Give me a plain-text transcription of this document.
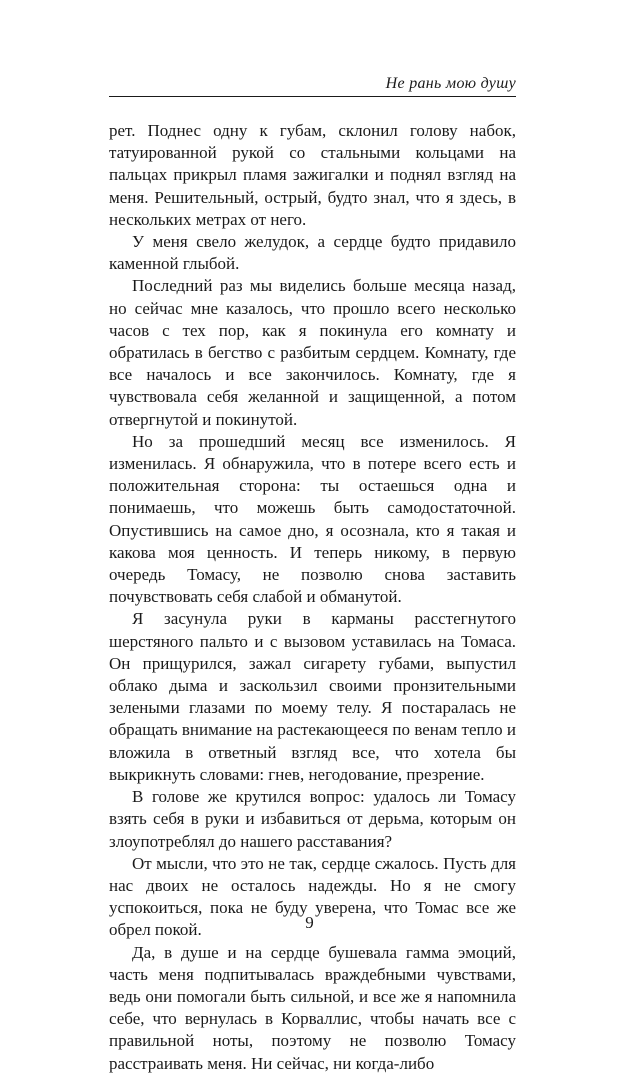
Не рань мою душу

рет. Поднес одну к губам, склонил голову набок, татуированной рукой со стальными кольцами на пальцах прикрыл пламя зажигалки и поднял взгляд на меня. Решительный, острый, будто знал, что я здесь, в нескольких метрах от него.

У меня свело желудок, а сердце будто придавило каменной глыбой.

Последний раз мы виделись больше месяца назад, но сейчас мне казалось, что прошло всего несколько часов с тех пор, как я покинула его комнату и обратилась в бегство с разбитым сердцем. Комнату, где все началось и все закончилось. Комнату, где я чувствовала себя желанной и защищенной, а потом отвергнутой и покинутой.

Но за прошедший месяц все изменилось. Я изменилась. Я обнаружила, что в потере всего есть и положительная сторона: ты остаешься одна и понимаешь, что можешь быть самодостаточной. Опустившись на самое дно, я осознала, кто я такая и какова моя ценность. И теперь никому, в первую очередь Томасу, не позволю снова заставить почувствовать себя слабой и обманутой.

Я засунула руки в карманы расстегнутого шерстяного пальто и с вызовом уставилась на Томаса. Он прищурился, зажал сигарету губами, выпустил облако дыма и заскользил своими пронзительными зелеными глазами по моему телу. Я постаралась не обращать внимание на растекающееся по венам тепло и вложила в ответный взгляд все, что хотела бы выкрикнуть словами: гнев, негодование, презрение.

В голове же крутился вопрос: удалось ли Томасу взять себя в руки и избавиться от дерьма, которым он злоупотреблял до нашего расставания?

От мысли, что это не так, сердце сжалось. Пусть для нас двоих не осталось надежды. Но я не смогу успокоиться, пока не буду уверена, что Томас все же обрел покой.

Да, в душе и на сердце бушевала гамма эмоций, часть меня подпитывалась враждебными чувствами, ведь они помогали быть сильной, и все же я напомнила себе, что вернулась в Корваллис, чтобы начать все с правильной ноты, поэтому не позволю Томасу расстраивать меня. Ни сейчас, ни когда-либо

9
